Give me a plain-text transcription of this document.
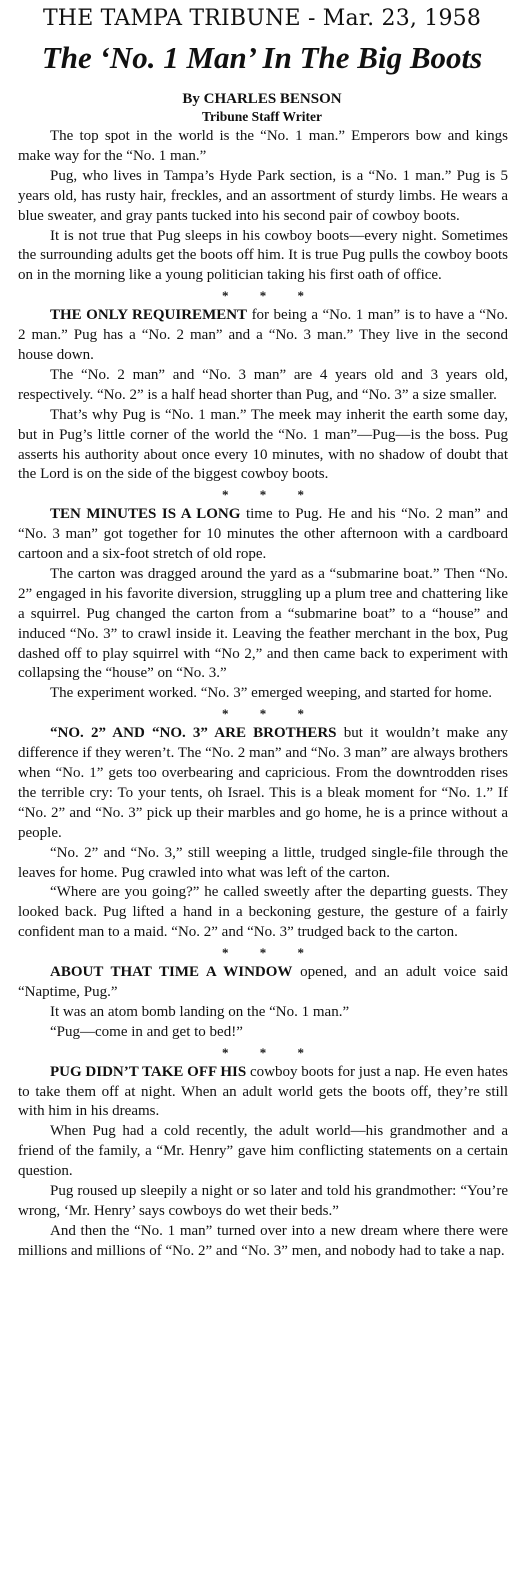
THE TAMPA TRIBUNE - Mar. 23, 1958
The ‘No. 1 Man’ In The Big Boots
By CHARLES BENSON
Tribune Staff Writer

The top spot in the world is the “No. 1 man.” Emperors bow and kings make way for the “No. 1 man.”

Pug, who lives in Tampa’s Hyde Park section, is a “No. 1 man.” Pug is 5 years old, has rusty hair, freckles, and an assortment of sturdy limbs. He wears a blue sweater, and gray pants tucked into his second pair of cowboy boots.

It is not true that Pug sleeps in his cowboy boots—every night. Sometimes the surrounding adults get the boots off him. It is true Pug pulls the cowboy boots on in the morning like a young politician taking his first oath of office.

* * *

THE ONLY REQUIREMENT for being a “No. 1 man” is to have a “No. 2 man.” Pug has a “No. 2 man” and a “No. 3 man.” They live in the second house down.

The “No. 2 man” and “No. 3 man” are 4 years old and 3 years old, respectively. “No. 2” is a half head shorter than Pug, and “No. 3” a size smaller.

That’s why Pug is “No. 1 man.” The meek may inherit the earth some day, but in Pug’s little corner of the world the “No. 1 man”—Pug—is the boss. Pug asserts his authority about once every 10 minutes, with no shadow of doubt that the Lord is on the side of the biggest cowboy boots.

* * *

TEN MINUTES IS A LONG time to Pug. He and his “No. 2 man” and “No. 3 man” got together for 10 minutes the other afternoon with a cardboard cartoon and a six-foot stretch of old rope.

The carton was dragged around the yard as a “submarine boat.” Then “No. 2” engaged in his favorite diversion, struggling up a plum tree and chattering like a squirrel. Pug changed the carton from a “submarine boat” to a “house” and induced “No. 3” to crawl inside it. Leaving the feather merchant in the box, Pug dashed off to play squirrel with “No 2,” and then came back to experiment with collapsing the “house” on “No. 3.”

The experiment worked. “No. 3” emerged weeping, and started for home.

* * *

“NO. 2” AND “NO. 3” ARE BROTHERS but it wouldn’t make any difference if they weren’t. The “No. 2 man” and “No. 3 man” are always brothers when “No. 1” gets too overbearing and capricious. From the downtrodden rises the terrible cry: To your tents, oh Israel. This is a bleak moment for “No. 1.” If “No. 2” and “No. 3” pick up their marbles and go home, he is a prince without a people.

“No. 2” and “No. 3,” still weeping a little, trudged single-file through the leaves for home. Pug crawled into what was left of the carton.

“Where are you going?” he called sweetly after the departing guests. They looked back. Pug lifted a hand in a beckoning gesture, the gesture of a fairly confident man to a maid. “No. 2” and “No. 3” trudged back to the carton.

* * *

ABOUT THAT TIME A WINDOW opened, and an adult voice said “Naptime, Pug.”

It was an atom bomb landing on the “No. 1 man.”

“Pug—come in and get to bed!”

* * *

PUG DIDN’T TAKE OFF HIS cowboy boots for just a nap. He even hates to take them off at night. When an adult world gets the boots off, they’re still with him in his dreams.

When Pug had a cold recently, the adult world—his grandmother and a friend of the family, a “Mr. Henry” gave him conflicting statements on a certain question.

Pug roused up sleepily a night or so later and told his grandmother: “You’re wrong, ‘Mr. Henry’ says cowboys do wet their beds.”

And then the “No. 1 man” turned over into a new dream where there were millions and millions of “No. 2” and “No. 3” men, and nobody had to take a nap.
